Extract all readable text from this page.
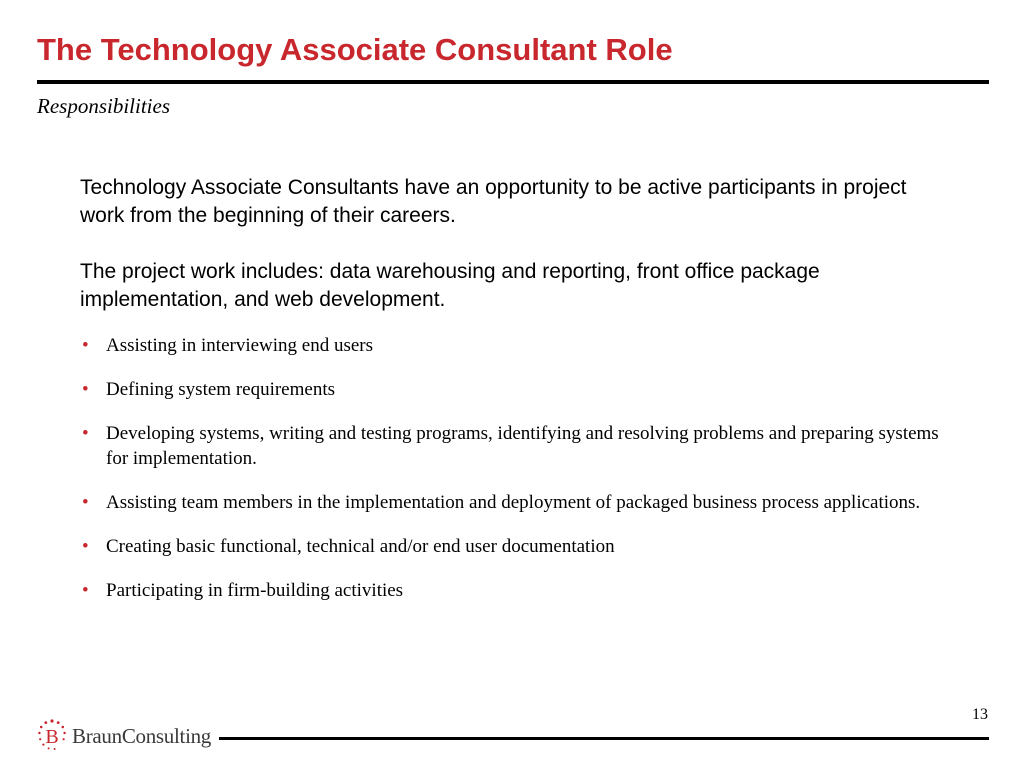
The Technology Associate Consultant Role
Responsibilities

Technology Associate Consultants have an opportunity to be active participants in project work from the beginning of their careers.

The project work includes: data warehousing and reporting, front office package implementation, and web development.

• Assisting in interviewing end users
• Defining system requirements
• Developing systems, writing and testing programs, identifying and resolving problems and preparing systems for implementation.
• Assisting team members in the implementation and deployment of packaged business process applications.
• Creating basic functional, technical and/or end user documentation
• Participating in firm-building activities
13
B BraunConsulting
